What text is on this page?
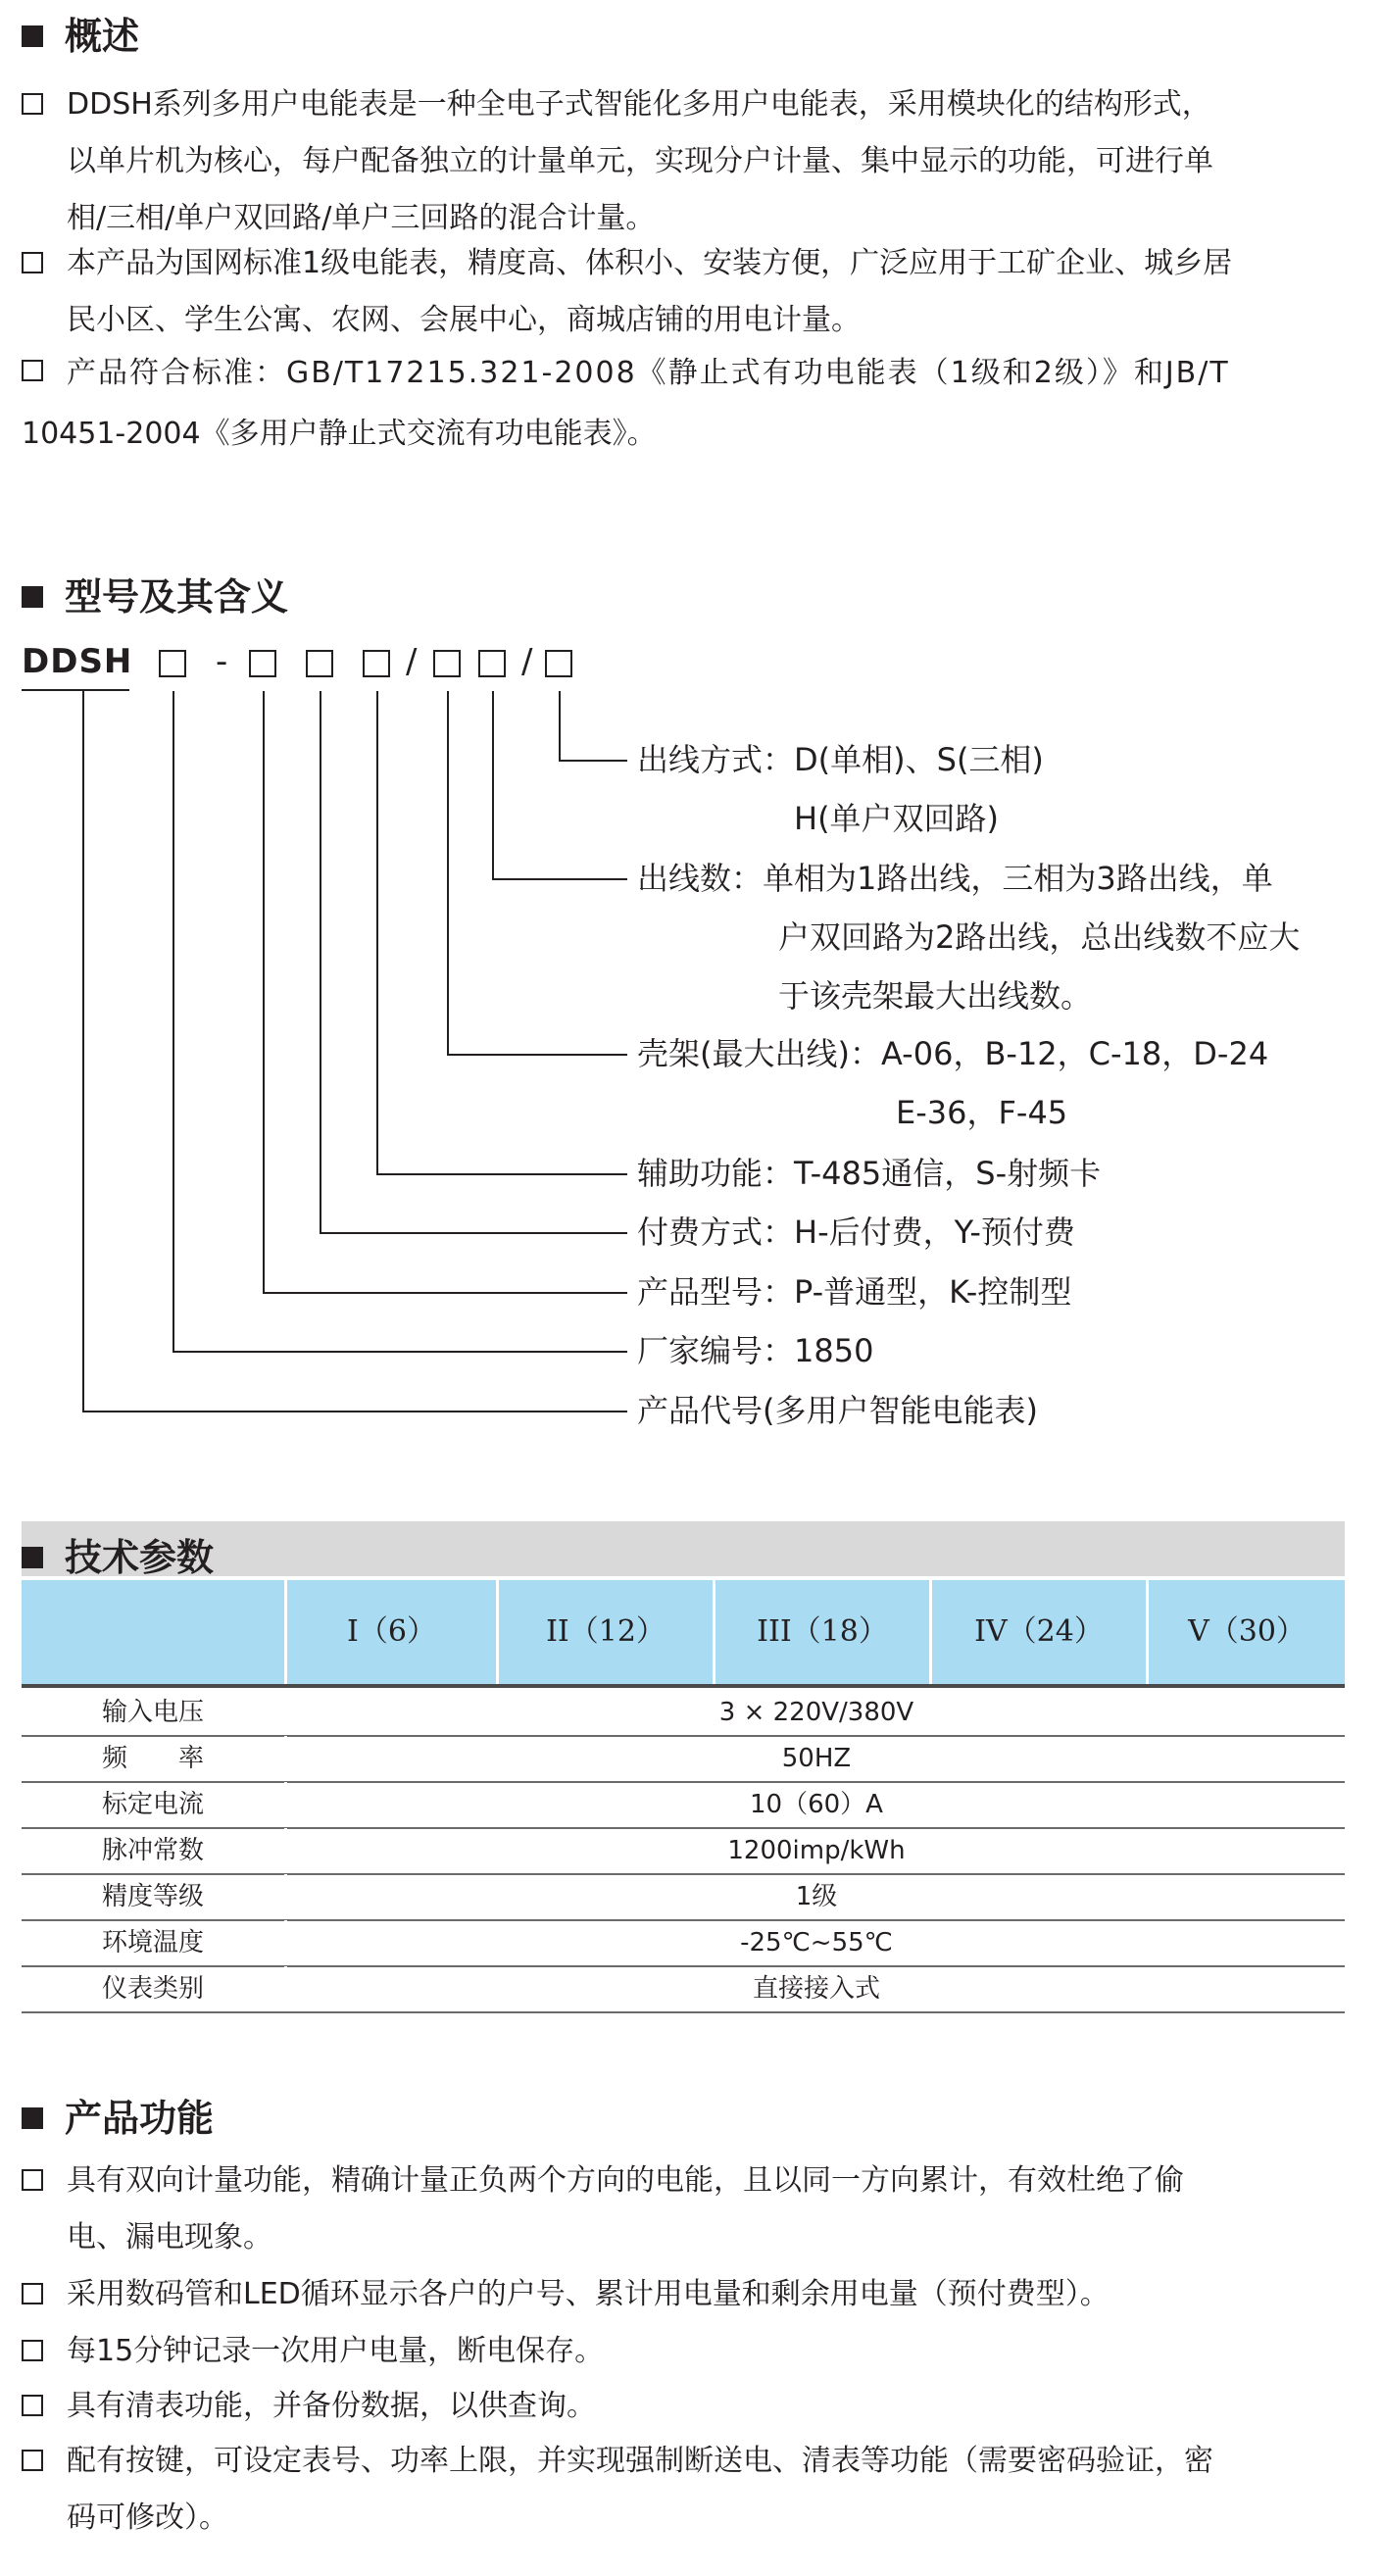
概述
DDSH系列多用户电能表是一种全电子式智能化多用户电能表，采用模块化的结构形式，
以单片机为核心，每户配备独立的计量单元，实现分户计量、集中显示的功能，可进行单
相/三相/单户双回路/单户三回路的混合计量。
本产品为国网标准1级电能表，精度高、体积小、安装方便，广泛应用于工矿企业、城乡居
民小区、学生公寓、农网、会展中心，商城店铺的用电计量。
产品符合标准：GB/T17215.321-2008《静止式有功电能表（1级和2级）》和JB/T
10451-2004《多用户静止式交流有功电能表》。
型号及其含义
DDSH -	/	/
出线方式：D(单相)、S(三相)
H(单户双回路)
出线数：单相为1路出线，三相为3路出线，单
户双回路为2路出线，总出线数不应大
于该壳架最大出线数。
壳架(最大出线)：A-06，B-12，C-18，D-24
E-36，F-45
辅助功能：T-485通信，S-射频卡
付费方式：H-后付费，Y-预付费
产品型号：P-普通型，K-控制型
厂家编号：1850
产品代号(多用户智能电能表)
技术参数
I（6）	II（12）	III（18）	IV（24）	V（30）
输入电压	3 × 220V/380V
频　　率	50HZ
标定电流	10（60）A
脉冲常数	1200imp/kWh
精度等级	1级
环境温度	-25℃~55℃
仪表类别	直接接入式
产品功能
具有双向计量功能，精确计量正负两个方向的电能，且以同一方向累计，有效杜绝了偷
电、漏电现象。
采用数码管和LED循环显示各户的户号、累计用电量和剩余用电量（预付费型）。
每15分钟记录一次用户电量，断电保存。
具有清表功能，并备份数据，以供查询。
配有按键，可设定表号、功率上限，并实现强制断送电、清表等功能（需要密码验证，密
码可修改）。
